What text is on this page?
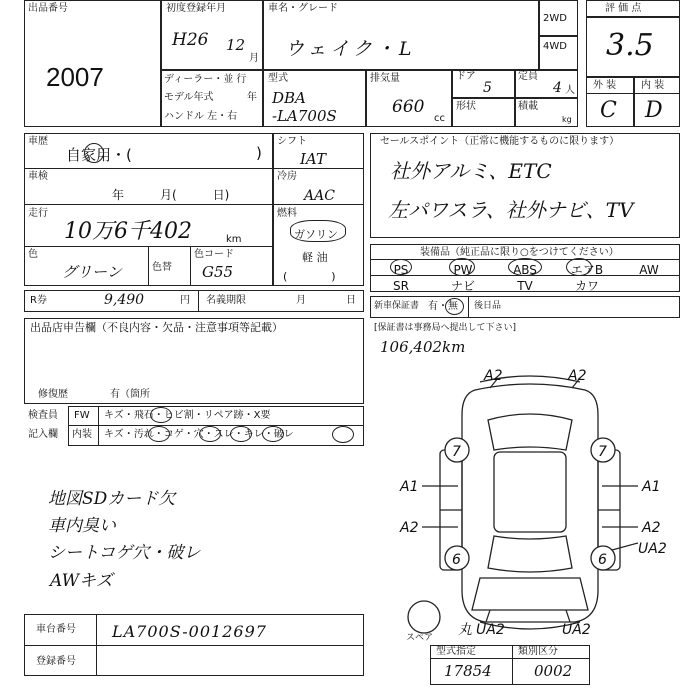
出品番号
2007
初度登録年月
H26 12
月
車名・グレード
ウェイク・L
2WD
4WD
評 価 点
3.5
外 装 内 装
C D
ディーラー・並 行
モデル年式	年
ハンドル 左・右
型式
DBA
-LA700S
排気量
660
cc
ドア
5
定員
4 人
形状	積載
kg
車歴
自家用・(	)
車検
年　　　月(　　　日)
走行
10万6千402	km
色
グリーン	色替
色コード
G55
シフト
IAT
冷房
AAC
燃料
ガソリン
軽 油
(　　　　)
R券	9,490	円 名義期限	月	日
セールスポイント（正常に機能するものに限ります）
社外アルミ、ETC
左パワスラ、社外ナビ、TV
装備品（純正品に限り○をつけてください）
PS	PW	ABS	エアB	AW
SR	ナビ	TV	カワ
新車保証書 有・無 後日品
[保証書は事務局へ提出して下さい]
106,402km
出品店申告欄（不良内容・欠品・注意事項等記載）
修復歴	有（箇所
検査員
記入欄
FW キズ・飛石・ヒビ割・リペア跡・X要
内装 キズ・汚れ・コゲ・穴・スレ・キレ・破レ
地図SDカード欠
車内臭い
シートコゲ穴・破レ
AWキズ
A2	A2
A1
A2
A1
A2
UA2
丸 UA2	UA2
7	7
6	6
スペア
車台番号 LA700S-0012697
登録番号
型式指定
17854
類別区分
0002
